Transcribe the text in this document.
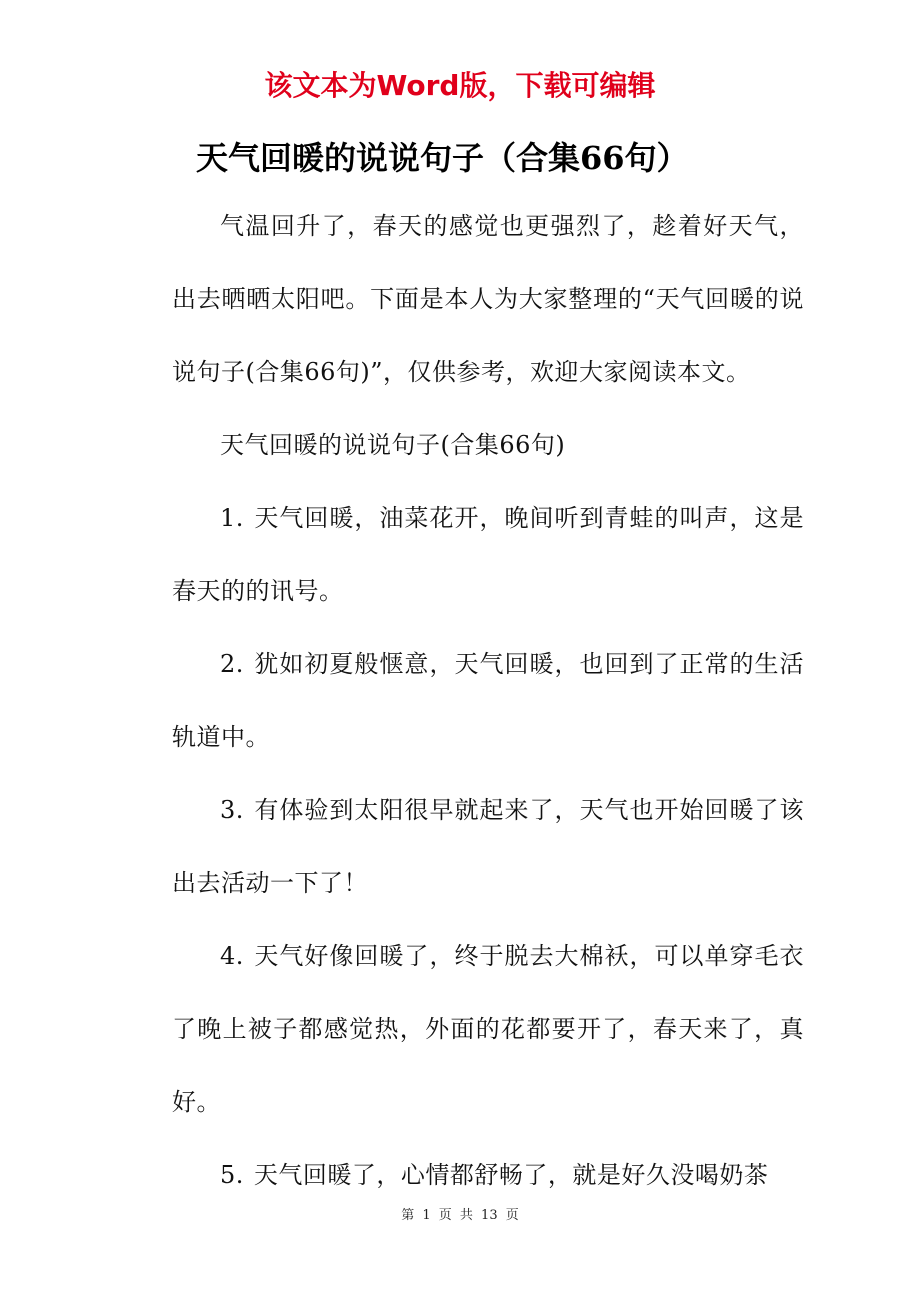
该文本为Word版，下载可编辑
天气回暖的说说句子（合集66句）

气温回升了，春天的感觉也更强烈了，趁着好天气，出去晒晒太阳吧。下面是本人为大家整理的“天气回暖的说说句子(合集66句)”，仅供参考，欢迎大家阅读本文。

天气回暖的说说句子(合集66句)

1. 天气回暖，油菜花开，晚间听到青蛙的叫声，这是春天的的讯号。

2. 犹如初夏般惬意，天气回暖，也回到了正常的生活轨道中。

3. 有体验到太阳很早就起来了，天气也开始回暖了该出去活动一下了！

4. 天气好像回暖了，终于脱去大棉袄，可以单穿毛衣了晚上被子都感觉热，外面的花都要开了，春天来了，真好。

5. 天气回暖了，心情都舒畅了，就是好久没喝奶茶

第 1 页 共 13 页
